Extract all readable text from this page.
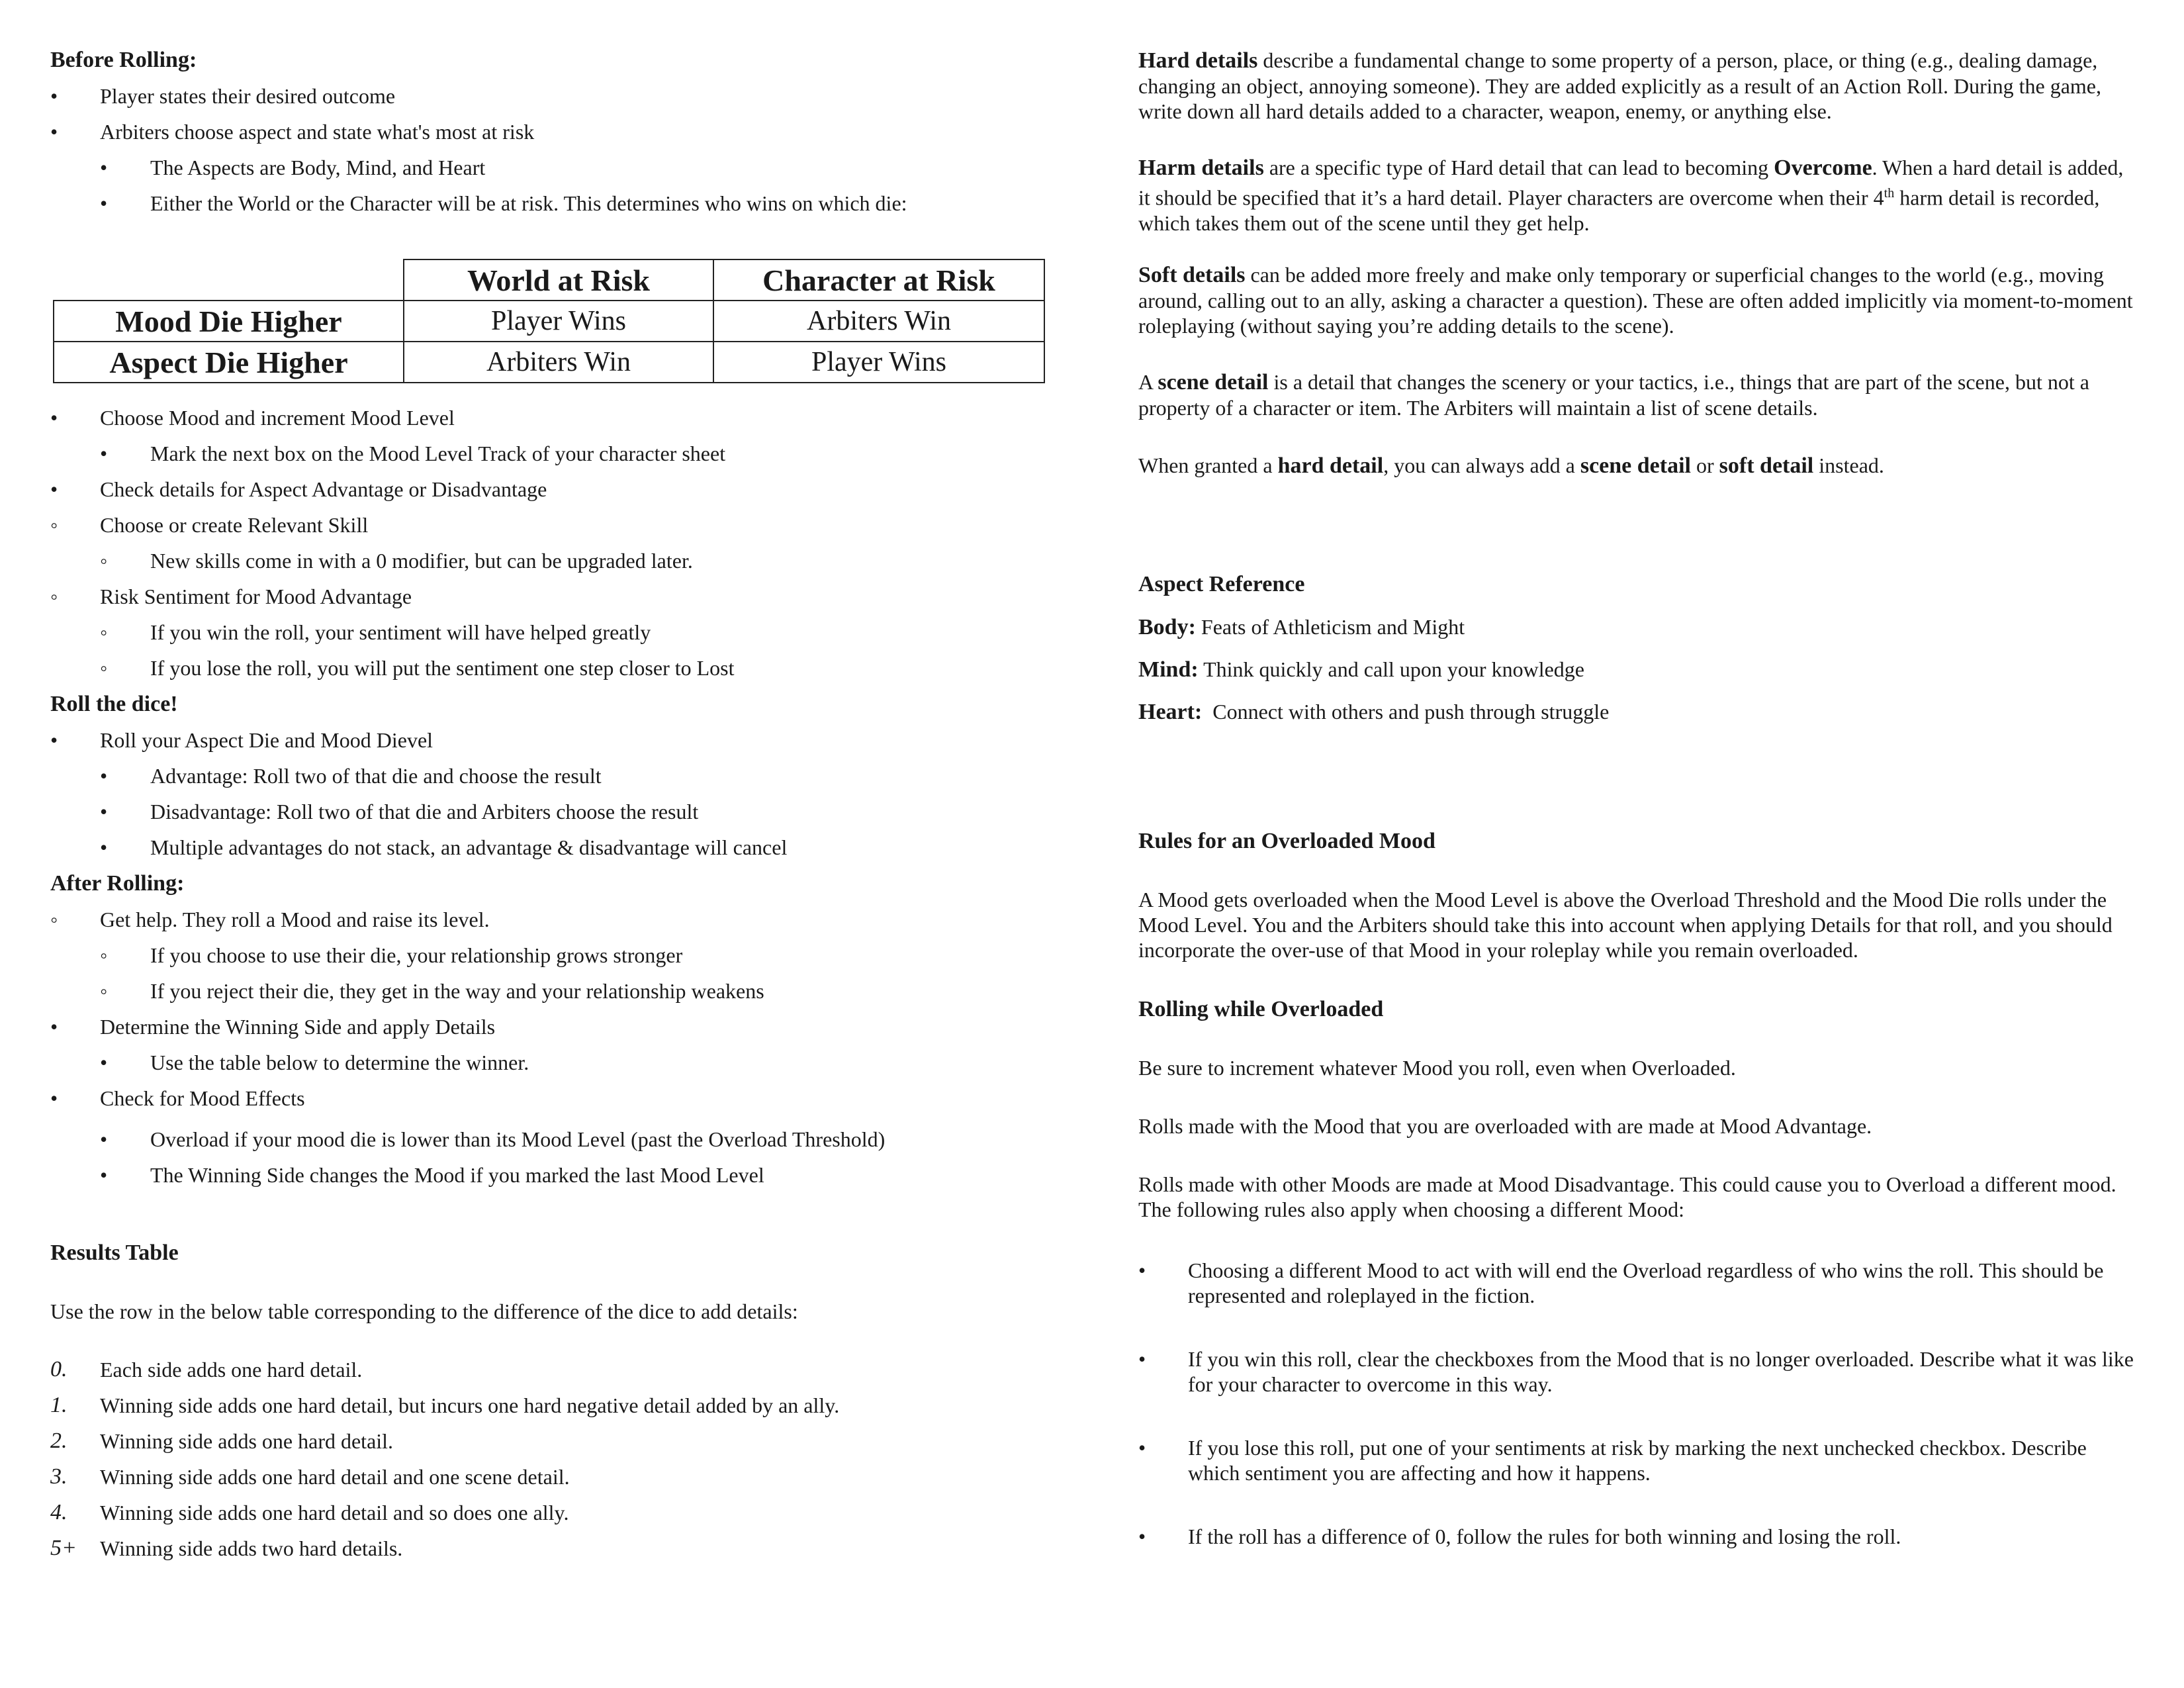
Before Rolling:
• Player states their desired outcome
• Arbiters choose aspect and state what's most at risk
• The Aspects are Body, Mind, and Heart
• Either the World or the Character will be at risk. This determines who wins on which die:
	World at Risk	Character at Risk
Mood Die Higher	Player Wins	Arbiters Win
Aspect Die Higher	Arbiters Win	Player Wins
• Choose Mood and increment Mood Level
• Mark the next box on the Mood Level Track of your character sheet
• Check details for Aspect Advantage or Disadvantage
◦ Choose or create Relevant Skill
◦ New skills come in with a 0 modifier, but can be upgraded later.
◦ Risk Sentiment for Mood Advantage
◦ If you win the roll, your sentiment will have helped greatly
◦ If you lose the roll, you will put the sentiment one step closer to Lost
Roll the dice!
• Roll your Aspect Die and Mood Dievel
• Advantage: Roll two of that die and choose the result
• Disadvantage: Roll two of that die and Arbiters choose the result
• Multiple advantages do not stack, an advantage & disadvantage will cancel
After Rolling:
◦ Get help. They roll a Mood and raise its level.
◦ If you choose to use their die, your relationship grows stronger
◦ If you reject their die, they get in the way and your relationship weakens
• Determine the Winning Side and apply Details
• Use the table below to determine the winner.
• Check for Mood Effects
• Overload if your mood die is lower than its Mood Level (past the Overload Threshold)
• The Winning Side changes the Mood if you marked the last Mood Level
Results Table
Use the row in the below table corresponding to the difference of the dice to add details:
0. Each side adds one hard detail.
1. Winning side adds one hard detail, but incurs one hard negative detail added by an ally.
2. Winning side adds one hard detail.
3. Winning side adds one hard detail and one scene detail.
4. Winning side adds one hard detail and so does one ally.
5+ Winning side adds two hard details.
Hard details describe a fundamental change to some property of a person, place, or thing (e.g., dealing damage, changing an object, annoying someone). They are added explicitly as a result of an Action Roll. During the game, write down all hard details added to a character, weapon, enemy, or anything else.
Harm details are a specific type of Hard detail that can lead to becoming Overcome. When a hard detail is added, it should be specified that it’s a hard detail. Player characters are overcome when their 4th harm detail is recorded, which takes them out of the scene until they get help.
Soft details can be added more freely and make only temporary or superficial changes to the world (e.g., moving around, calling out to an ally, asking a character a question). These are often added implicitly via moment-to-moment roleplaying (without saying you’re adding details to the scene).
A scene detail is a detail that changes the scenery or your tactics, i.e., things that are part of the scene, but not a property of a character or item. The Arbiters will maintain a list of scene details.
When granted a hard detail, you can always add a scene detail or soft detail instead.
Aspect Reference
Body: Feats of Athleticism and Might
Mind: Think quickly and call upon your knowledge
Heart:  Connect with others and push through struggle
Rules for an Overloaded Mood
A Mood gets overloaded when the Mood Level is above the Overload Threshold and the Mood Die rolls under the Mood Level. You and the Arbiters should take this into account when applying Details for that roll, and you should incorporate the over-use of that Mood in your roleplay while you remain overloaded.
Rolling while Overloaded
Be sure to increment whatever Mood you roll, even when Overloaded.
Rolls made with the Mood that you are overloaded with are made at Mood Advantage.
Rolls made with other Moods are made at Mood Disadvantage. This could cause you to Overload a different mood. The following rules also apply when choosing a different Mood:
• Choosing a different Mood to act with will end the Overload regardless of who wins the roll. This should be represented and roleplayed in the fiction.
• If you win this roll, clear the checkboxes from the Mood that is no longer overloaded. Describe what it was like for your character to overcome in this way.
• If you lose this roll, put one of your sentiments at risk by marking the next unchecked checkbox. Describe which sentiment you are affecting and how it happens.
• If the roll has a difference of 0, follow the rules for both winning and losing the roll.
